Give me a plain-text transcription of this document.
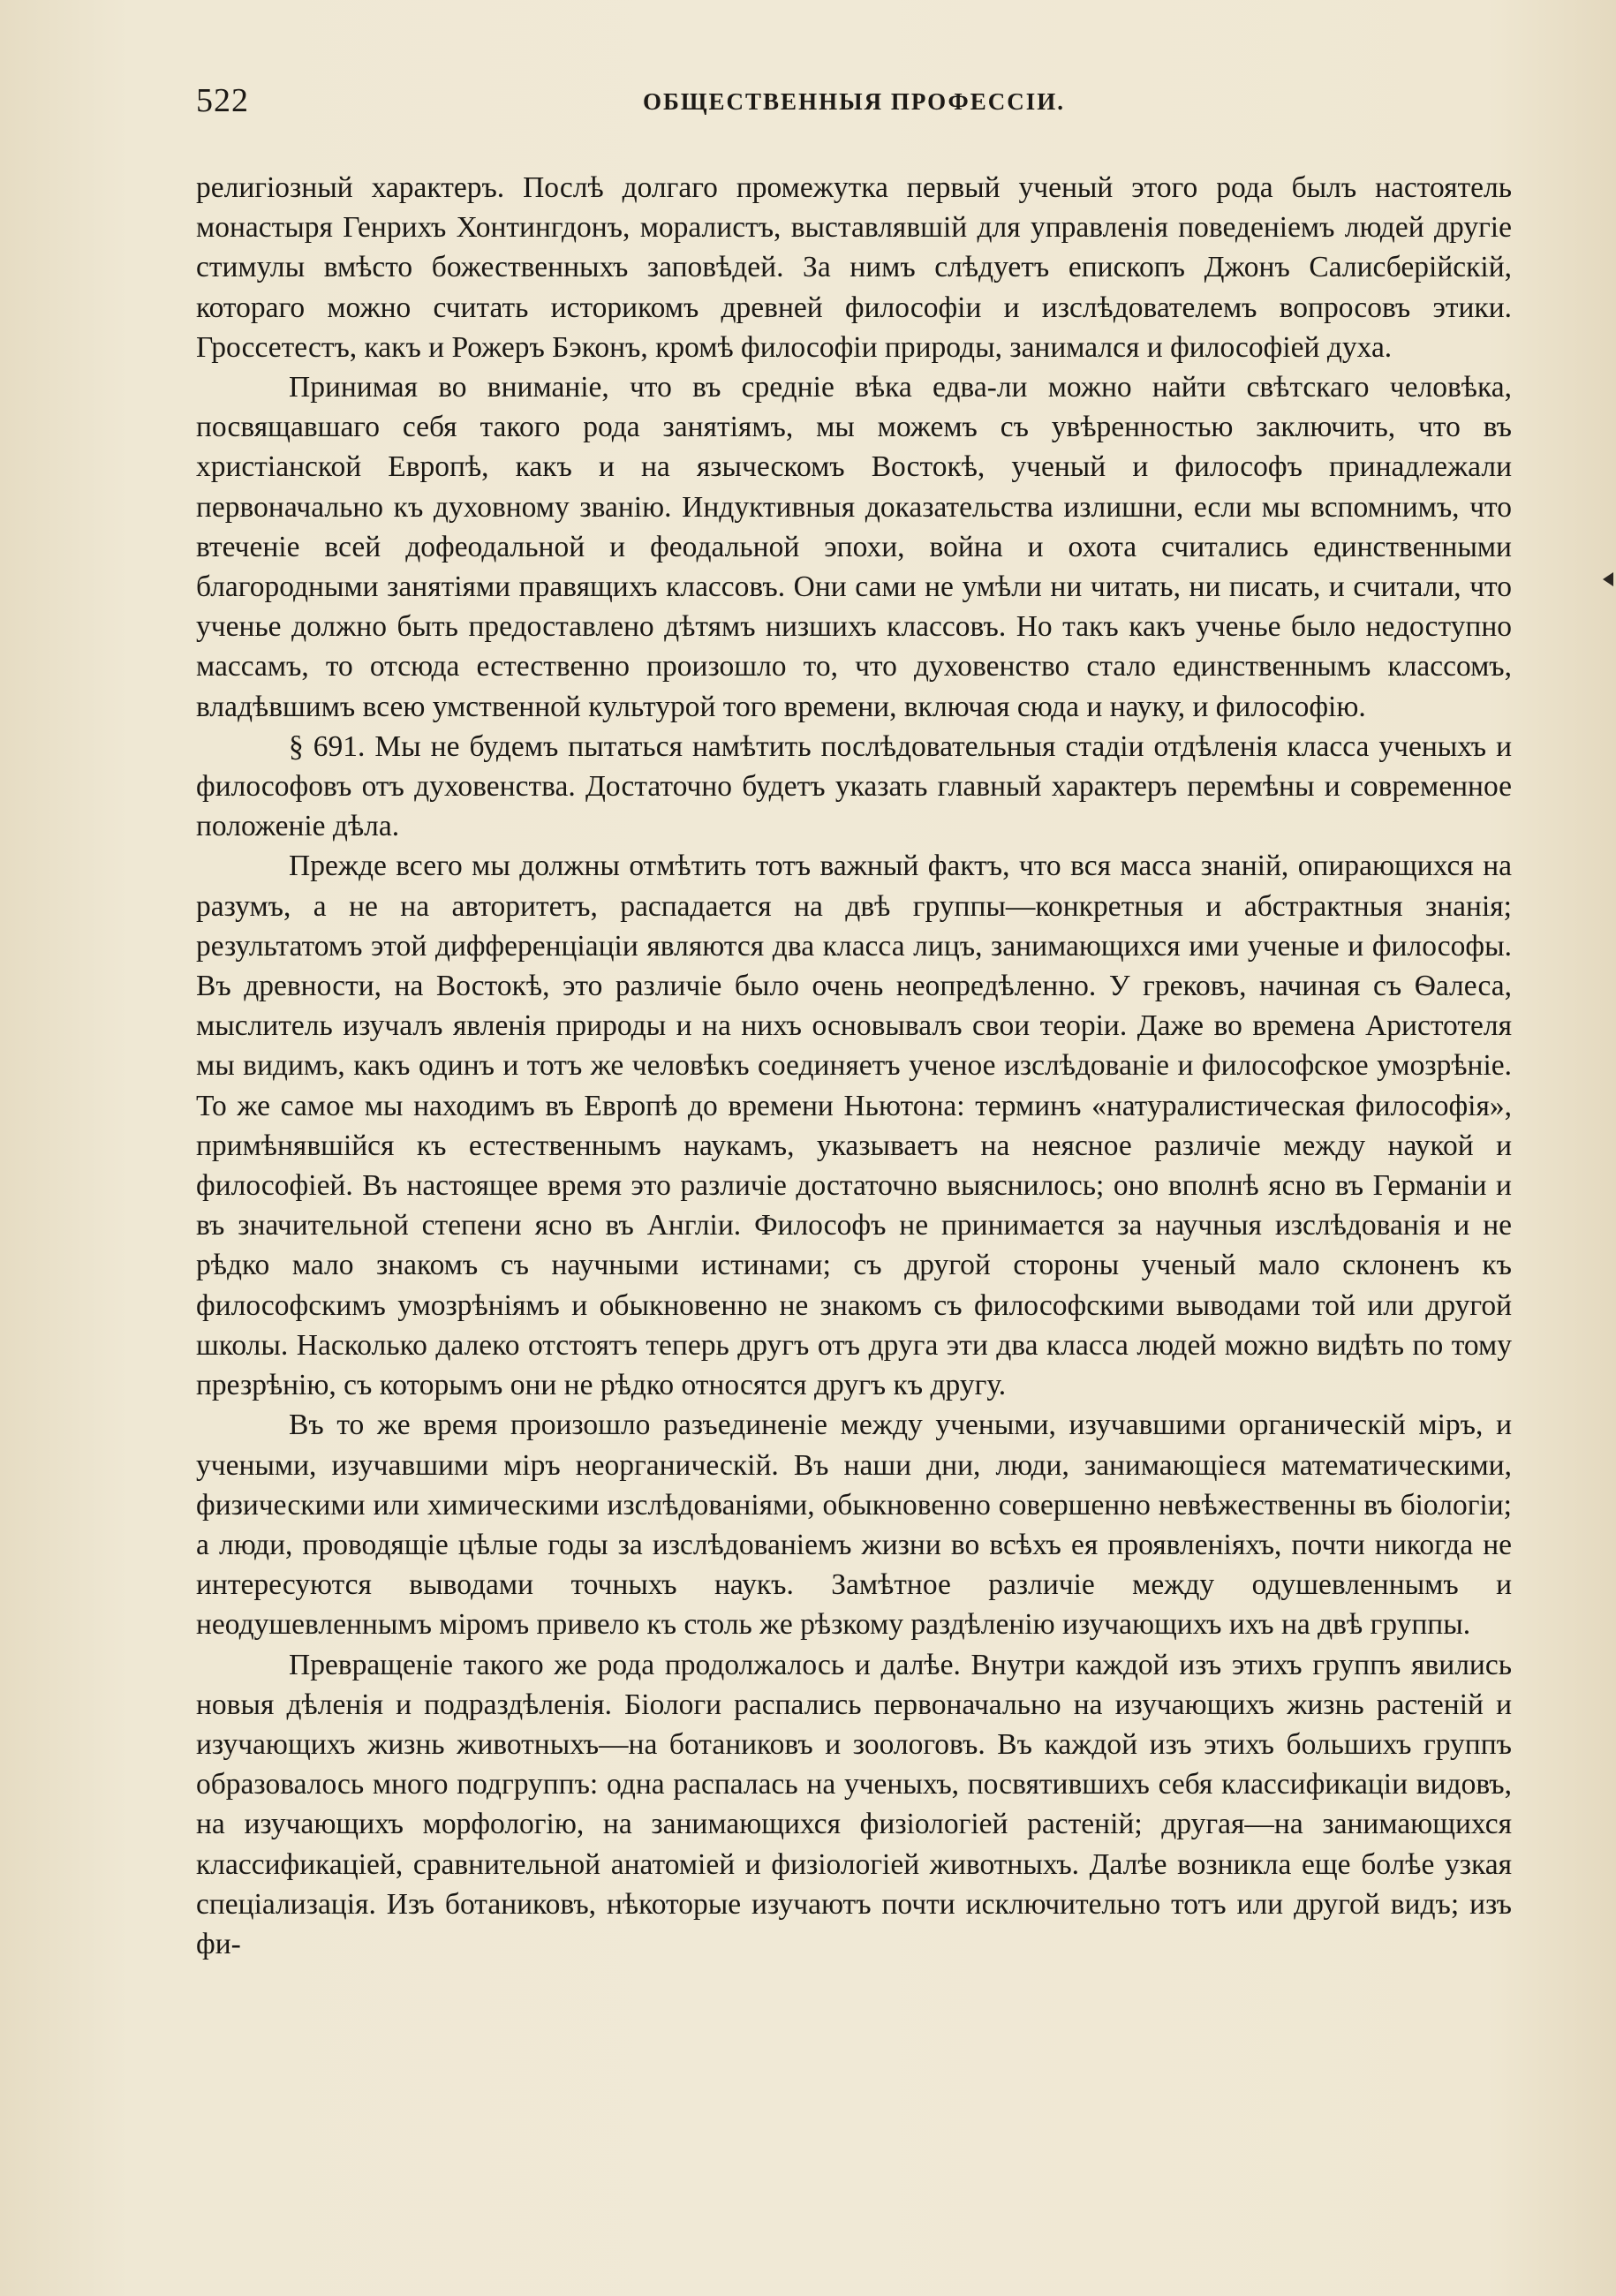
522	ОБЩЕСТВЕННЫЯ ПРОФЕССІИ.

религіозный характеръ. Послѣ долгаго промежутка первый ученый этого рода былъ настоятель монастыря Генрихъ Хонтингдонъ, моралистъ, выставлявшій для управленія поведеніемъ людей другіе стимулы вмѣсто божественныхъ заповѣдей. За нимъ слѣдуетъ епископъ Джонъ Салисберійскій, котораго можно считать историкомъ древней философіи и изслѣдователемъ вопросовъ этики. Гроссетестъ, какъ и Рожеръ Бэконъ, кромѣ философіи природы, занимался и философіей духа.

Принимая во вниманіе, что въ средніе вѣка едва-ли можно найти свѣтскаго человѣка, посвящавшаго себя такого рода занятіямъ, мы можемъ съ увѣренностью заключить, что въ христіанской Европѣ, какъ и на языческомъ Востокѣ, ученый и философъ принадлежали первоначально къ духовному званію. Индуктивныя доказательства излишни, если мы вспомнимъ, что втеченіе всей дофеодальной и феодальной эпохи, война и охота считались единственными благородными занятіями правящихъ классовъ. Они сами не умѣли ни читать, ни писать, и считали, что ученье должно быть предоставлено дѣтямъ низшихъ классовъ. Но такъ какъ ученье было недоступно массамъ, то отсюда естественно произошло то, что духовенство стало единственнымъ классомъ, владѣвшимъ всею умственной культурой того времени, включая сюда и науку, и философію.

§ 691. Мы не будемъ пытаться намѣтить послѣдовательныя стадіи отдѣленія класса ученыхъ и философовъ отъ духовенства. Достаточно будетъ указать главный характеръ перемѣны и современное положеніе дѣла.

Прежде всего мы должны отмѣтить тотъ важный фактъ, что вся масса знаній, опирающихся на разумъ, а не на авторитетъ, распадается на двѣ группы—конкретныя и абстрактныя знанія; результатомъ этой дифференціаціи являются два класса лицъ, занимающихся ими ученые и философы. Въ древности, на Востокѣ, это различіе было очень неопредѣленно. У грековъ, начиная съ Ѳалеса, мыслитель изучалъ явленія природы и на нихъ основывалъ свои теоріи. Даже во времена Аристотеля мы видимъ, какъ одинъ и тотъ же человѣкъ соединяетъ ученое изслѣдованіе и философское умозрѣніе. То же самое мы находимъ въ Европѣ до времени Ньютона: терминъ «натуралистическая философія», примѣнявшійся къ естественнымъ наукамъ, указываетъ на неясное различіе между наукой и философіей. Въ настоящее время это различіе достаточно выяснилось; оно вполнѣ ясно въ Германіи и въ значительной степени ясно въ Англіи. Философъ не принимается за научныя изслѣдованія и не рѣдко мало знакомъ съ научными истинами; съ другой стороны ученый мало склоненъ къ философскимъ умозрѣніямъ и обыкновенно не знакомъ съ философскими выводами той или другой школы. Насколько далеко отстоятъ теперь другъ отъ друга эти два класса людей можно видѣть по тому презрѣнію, съ которымъ они не рѣдко относятся другъ къ другу.

Въ то же время произошло разъединеніе между учеными, изучавшими органическій міръ, и учеными, изучавшими міръ неорганическій. Въ наши дни, люди, занимающіеся математическими, физическими или химическими изслѣдованіями, обыкновенно совершенно невѣжественны въ біологіи; а люди, проводящіе цѣлые годы за изслѣдованіемъ жизни во всѣхъ ея проявленіяхъ, почти никогда не интересуются выводами точныхъ наукъ. Замѣтное различіе между одушевленнымъ и неодушевленнымъ міромъ привело къ столь же рѣзкому раздѣленію изучающихъ ихъ на двѣ группы.

Превращеніе такого же рода продолжалось и далѣе. Внутри каждой изъ этихъ группъ явились новыя дѣленія и подраздѣленія. Біологи распались первоначально на изучающихъ жизнь растеній и изучающихъ жизнь животныхъ—на ботаниковъ и зоологовъ. Въ каждой изъ этихъ большихъ группъ образовалось много подгруппъ: одна распалась на ученыхъ, посвятившихъ себя классификаціи видовъ, на изучающихъ морфологію, на занимающихся физіологіей растеній; другая—на занимающихся классификаціей, сравнительной анатоміей и физіологіей животныхъ. Далѣе возникла еще болѣе узкая спеціализація. Изъ ботаниковъ, нѣкоторые изучаютъ почти исключительно тотъ или другой видъ; изъ фи-
